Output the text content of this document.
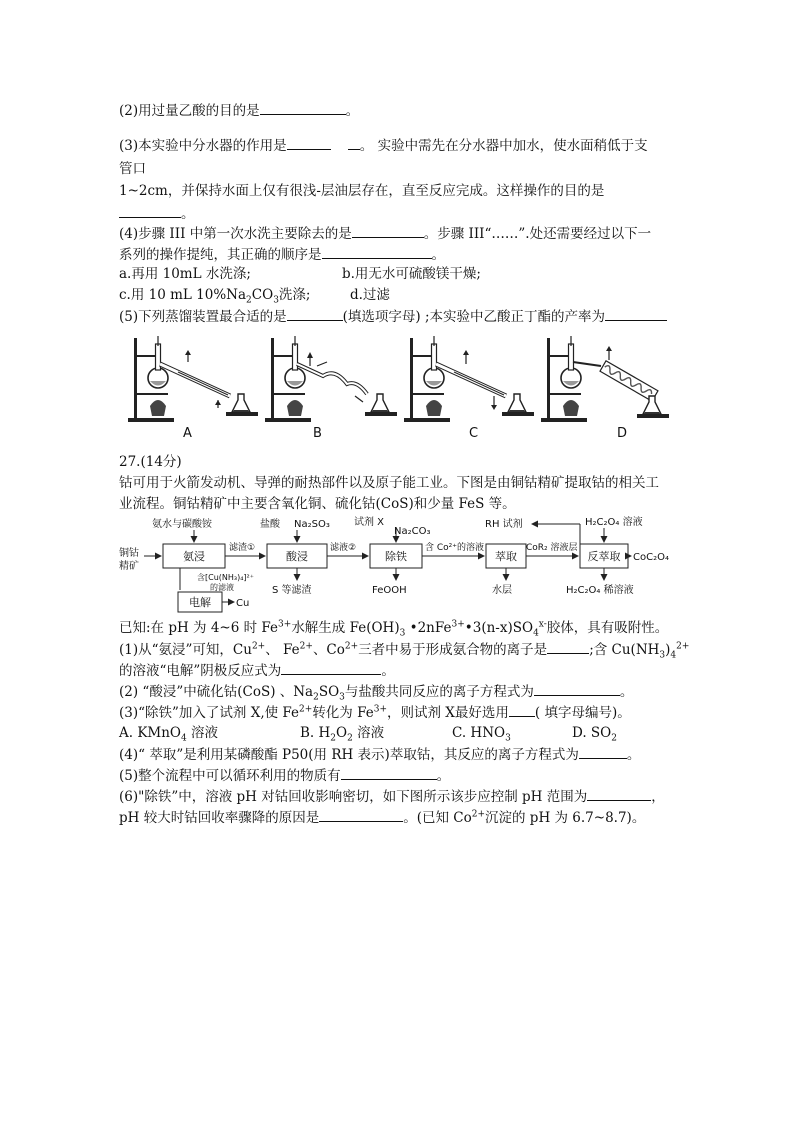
(2)用过量乙酸的目的是	。
(3)本实验中分水器的作用是	。 实验中需先在分水器中加水，使水面稍低于支
管口
1~2cm，并保持水面上仅有很浅-层油层存在，直至反应完成。这样操作的目的是
。
(4)步骤 III 中第一次水洗主要除去的是	。步骤 III“……”.处还需要经过以下一
系列的操作提纯，其正确的顺序是	。
a.再用 10mL 水洗涤;	b.用无水可硫酸镁干燥;
c.用 10 mL $10\%Na_2CO_3$洗涤;	d.过滤
(5)下列蒸馏装置最合适的是	(填选项字母) ;本实验中乙酸正丁酯的产率为
A	B	C	D
27.(14分)
钴可用于火箭发动机、导弹的耐热部件以及原子能工业。下图是由铜钴精矿提取钴的相关工
业流程。铜钴精矿中主要含氧化铜、硫化钴(CoS)和少量 FeS 等。
铜钴
精矿
氨水与碳酸铵	盐酸 Na₂SO₃ 试剂 X
Na₂CO₃
RH 试剂	H₂C₂O₄ 溶液
滤渣①	滤液②	含 Co²⁺的溶液	CoR₂ 溶液层
CoC₂O₄
S 等滤渣	FeOOH	水层	H₂C₂O₄ 稀溶液
含[Cu(NH₃)₄]²⁺
的滤液
Cu
氨浸	酸浸	除铁	萃取	反萃取
电解
已知:在 pH 为 4~6 时 $Fe^{3+}$水解生成 $Fe(OH)_3$ $•2nFe^{3+}•3(n-x)SO_4^{x-}$胶体，具有吸附性。
(1)从“氨浸”可知，$Cu^{2+}$、 $Fe^{2+}$、$Co^{2+}$三者中易于形成氨合物的离子是	;含 $Cu(NH_3)_4^{2+}$
的溶液“电解”阴极反应式为	。
(2) “酸浸”中硫化钴(CoS) 、$Na_2SO_3$与盐酸共同反应的离子方程式为	。
(3)“除铁”加入了试剂 X,使 $Fe^{2+}$转化为 $Fe^{3+}$，则试剂 X最好选用 ( 填字母编号)。
A. KMnO$_4$ 溶液	B. $H_2O_2$ 溶液	C. $HNO_3$	D. $SO_2$
(4)“ 萃取”是利用某磷酸酯 P50(用 RH 表示)萃取钴，其反应的离子方程式为	。
(5)整个流程中可以循环利用的物质有	。
(6)"除铁”中，溶液 pH 对钴回收影响密切，如下图所示该步应控制 pH 范围为	，
pH 较大时钴回收率骤降的原因是	。(已知 $Co^{2+}$沉淀的 pH 为 6.7~8.7)。
